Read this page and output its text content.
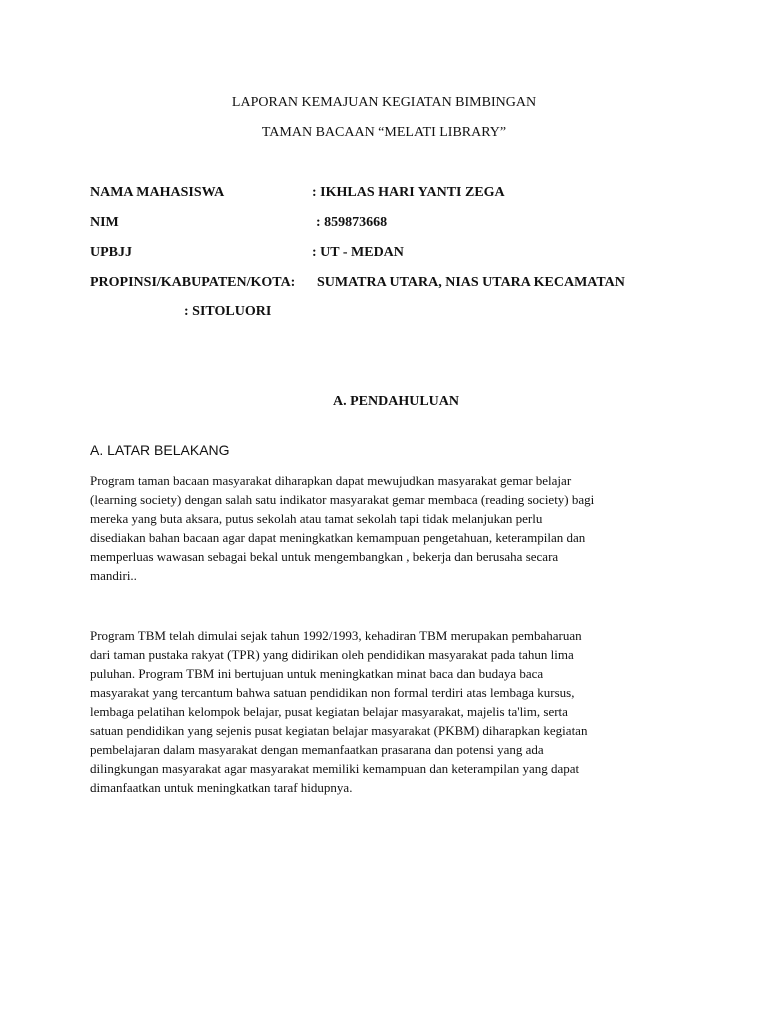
LAPORAN KEMAJUAN KEGIATAN BIMBINGAN
TAMAN BACAAN “MELATI LIBRARY”
NAMA MAHASISWA	: IKHLAS HARI YANTI ZEGA
NIM	: 859873668
UPBJJ	: UT - MEDAN
PROPINSI/KABUPATEN/KOTA: SUMATRA UTARA, NIAS UTARA KECAMATAN
: SITOLUORI
A. PENDAHULUAN
A. LATAR BELAKANG
Program taman bacaan masyarakat diharapkan dapat mewujudkan masyarakat gemar belajar
(learning society) dengan salah satu indikator masyarakat gemar membaca (reading society) bagi
mereka yang buta aksara, putus sekolah atau tamat sekolah tapi tidak melanjukan perlu
disediakan bahan bacaan agar dapat meningkatkan kemampuan pengetahuan, keterampilan dan
memperluas wawasan sebagai bekal untuk mengembangkan , bekerja dan berusaha secara
mandiri..
Program TBM telah dimulai sejak tahun 1992/1993, kehadiran TBM merupakan pembaharuan
dari taman pustaka rakyat (TPR) yang didirikan oleh pendidikan masyarakat pada tahun lima
puluhan. Program TBM ini bertujuan untuk meningkatkan minat baca dan budaya baca
masyarakat yang tercantum bahwa satuan pendidikan non formal terdiri atas lembaga kursus,
lembaga pelatihan kelompok belajar, pusat kegiatan belajar masyarakat, majelis ta'lim, serta
satuan pendidikan yang sejenis pusat kegiatan belajar masyarakat (PKBM) diharapkan kegiatan
pembelajaran dalam masyarakat dengan memanfaatkan prasarana dan potensi yang ada
dilingkungan masyarakat agar masyarakat memiliki kemampuan dan keterampilan yang dapat
dimanfaatkan untuk meningkatkan taraf hidupnya.
